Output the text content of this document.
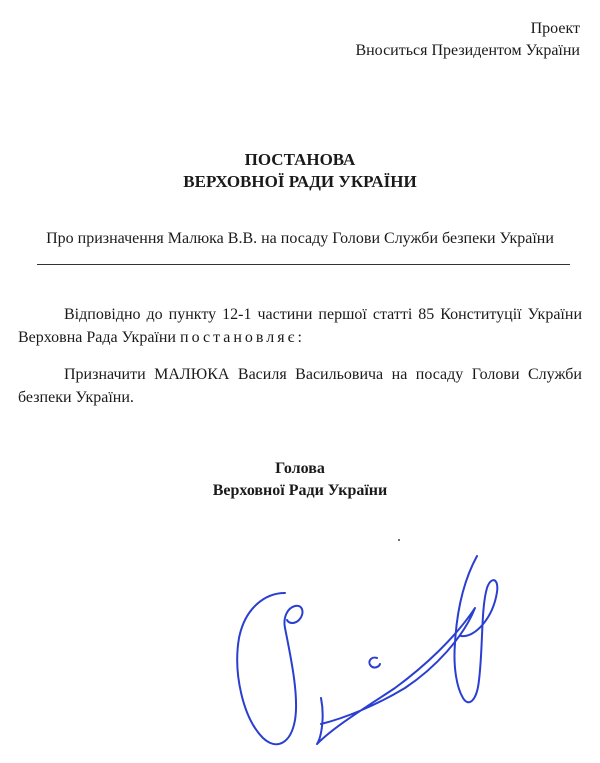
Проект
Вноситься Президентом України
ПОСТАНОВА
ВЕРХОВНОЇ РАДИ УКРАЇНИ
Про призначення Малюка В.В. на посаду Голови Служби безпеки України
Відповідно до пункту 12-1 частини першої статті 85 Конституції України Верховна Рада України постановляє:
Призначити МАЛЮКА Василя Васильовича на посаду Голови Служби безпеки України.
Голова
Верховної Ради України
